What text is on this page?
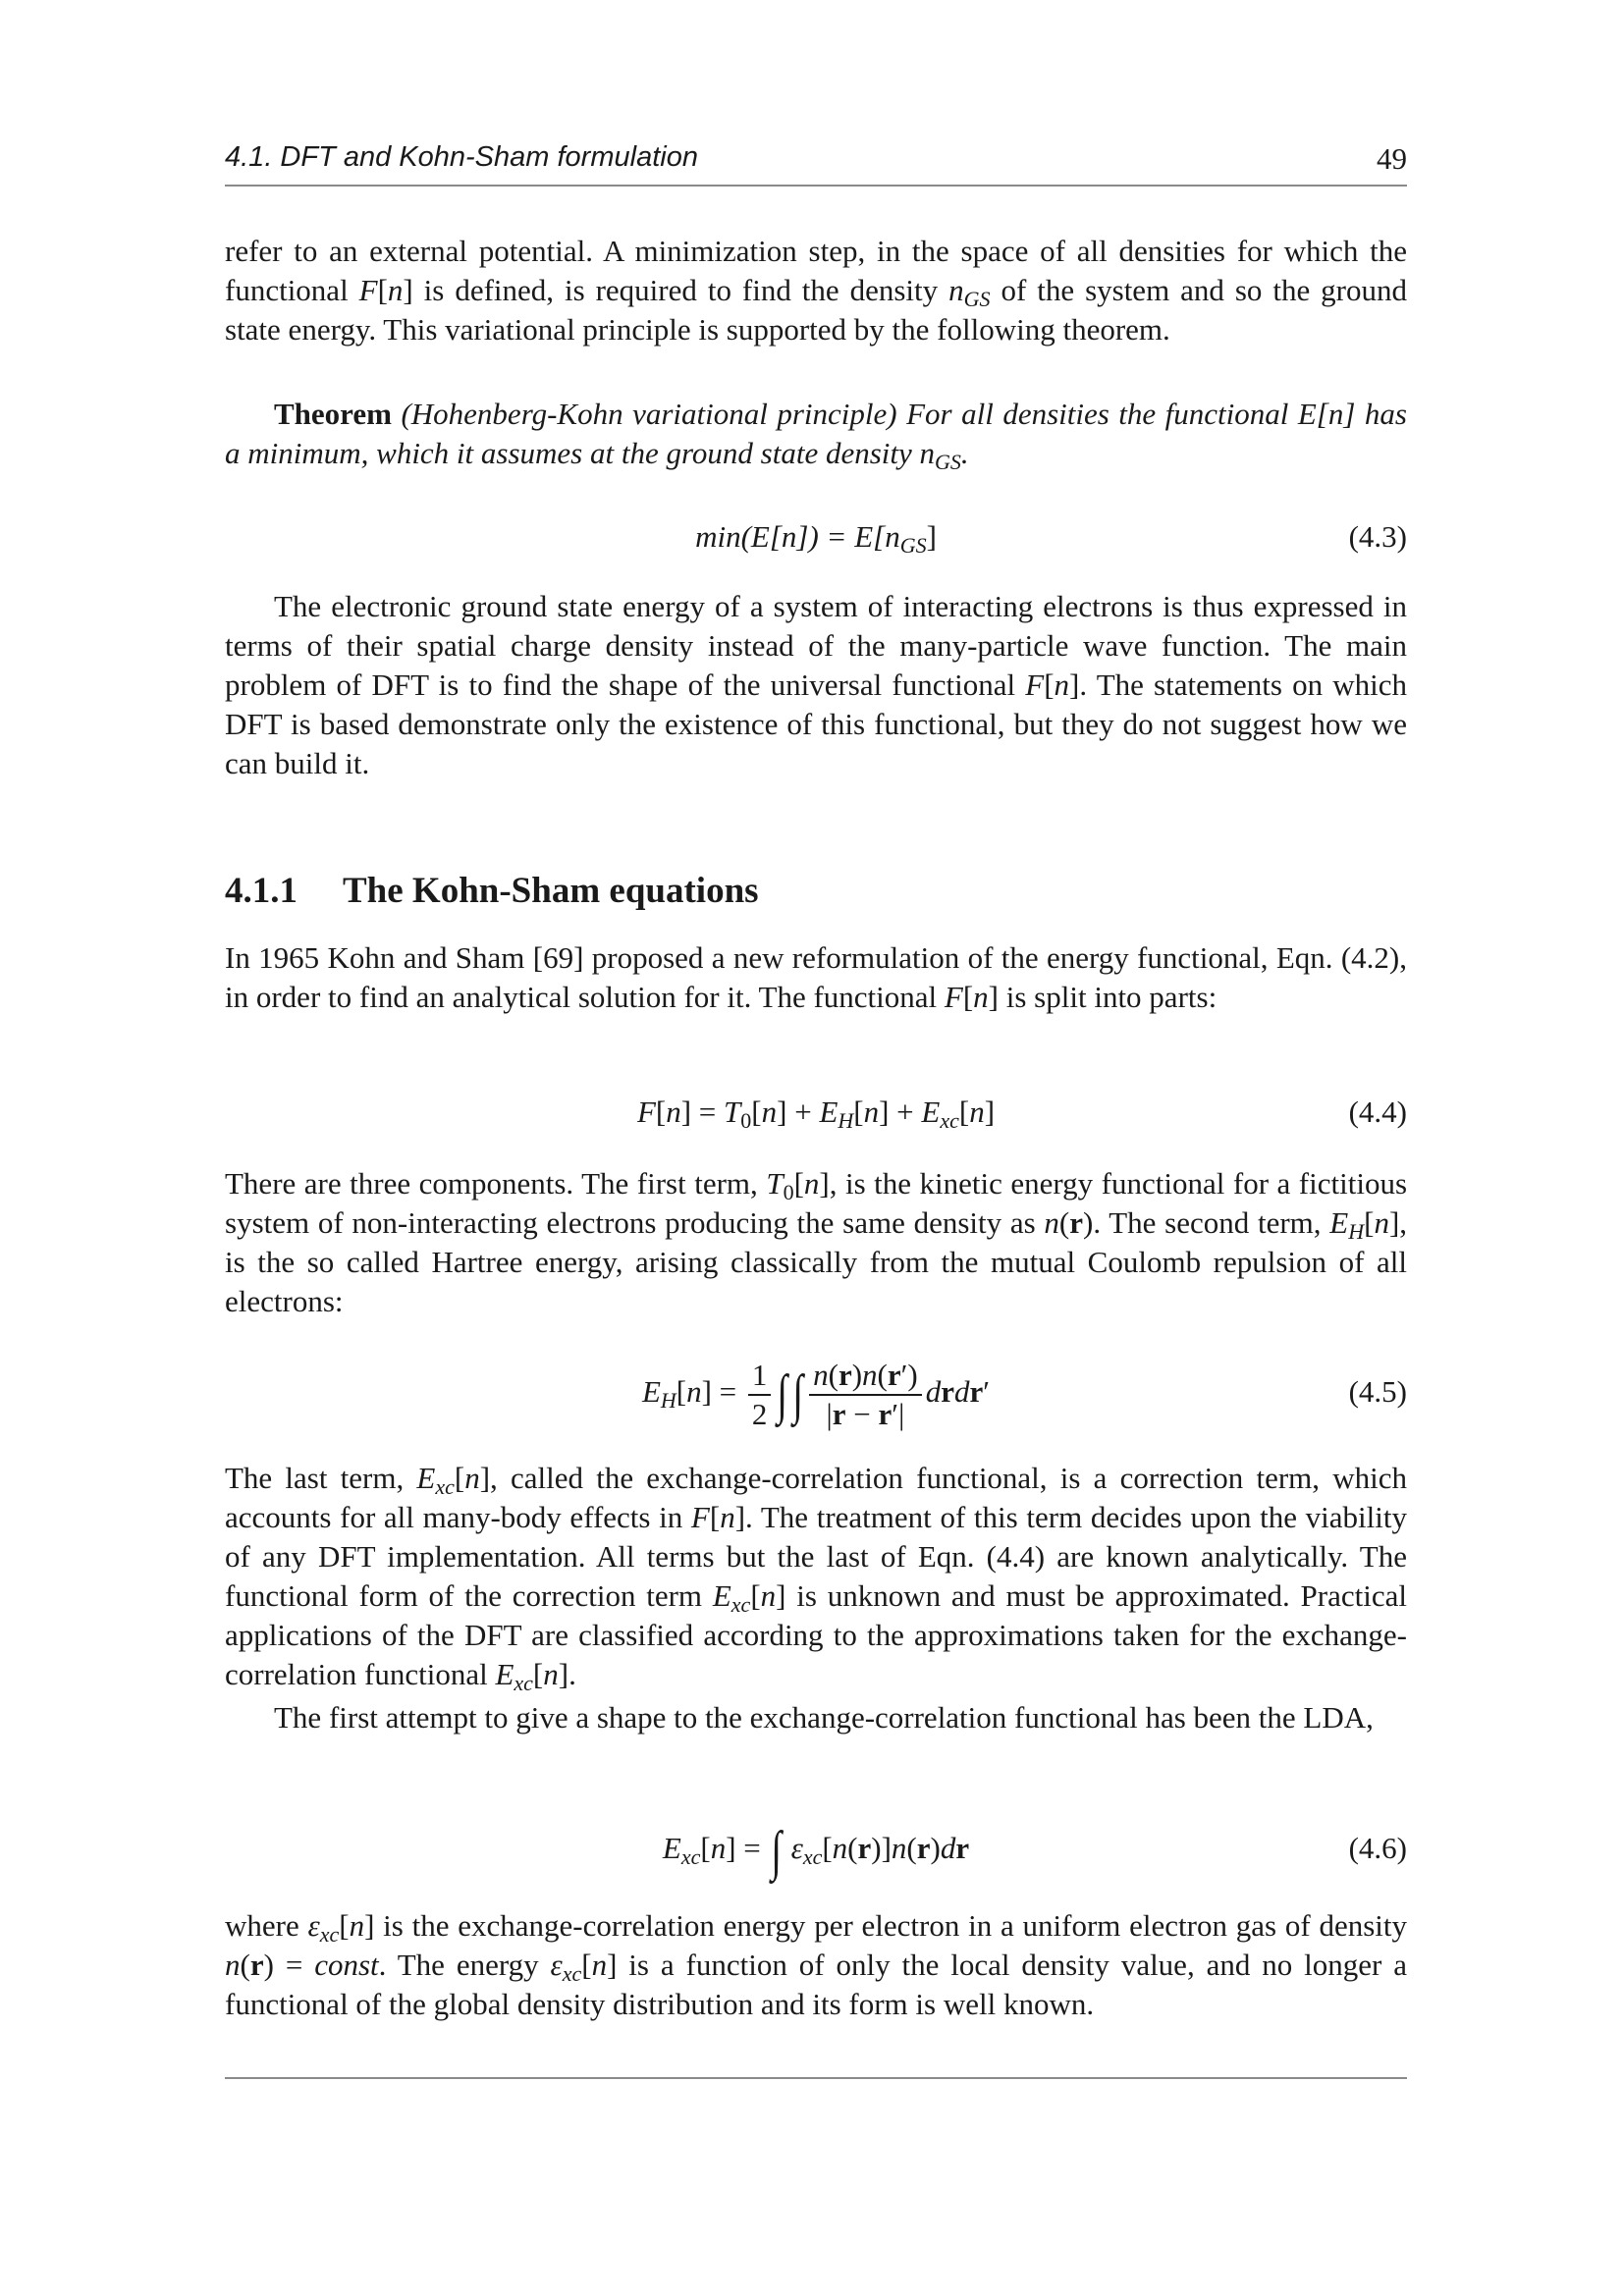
4.1. DFT and Kohn-Sham formulation	49

refer to an external potential. A minimization step, in the space of all densities for which the functional F[n] is defined, is required to find the density $n_{GS}$ of the system and so the ground state energy. This variational principle is supported by the following theorem.

Theorem (Hohenberg-Kohn variational principle) For all densities the functional E[n] has a minimum, which it assumes at the ground state density $n_{GS}$.

$\min(E[n]) = E[n_{GS}]$	(4.3)

The electronic ground state energy of a system of interacting electrons is thus expressed in terms of their spatial charge density instead of the many-particle wave function. The main problem of DFT is to find the shape of the universal functional F[n]. The statements on which DFT is based demonstrate only the existence of this functional, but they do not suggest how we can build it.

4.1.1 The Kohn-Sham equations

In 1965 Kohn and Sham [69] proposed a new reformulation of the energy functional, Eqn. (4.2), in order to find an analytical solution for it. The functional F[n] is split into parts:

$F[n] = T_0[n] + E_H[n] + E_{xc}[n]$	(4.4)

There are three components. The first term, $T_0[n]$, is the kinetic energy functional for a fictitious system of non-interacting electrons producing the same density as n(r). The second term, $E_H[n]$, is the so called Hartree energy, arising classically from the mutual Coulomb repulsion of all electrons:

$E_H[n] = \frac{1}{2}$ ∫∫ $\frac{n(r)n(r')}{|r - r'|}$ drdr′	(4.5)

The last term, $E_{xc}[n]$, called the exchange-correlation functional, is a correction term, which accounts for all many-body effects in F[n]. The treatment of this term decides upon the viability of any DFT implementation. All terms but the last of Eqn. (4.4) are known analytically. The functional form of the correction term $E_{xc}[n]$ is unknown and must be approximated. Practical applications of the DFT are classified according to the approximations taken for the exchange-correlation functional $E_{xc}[n]$.

The first attempt to give a shape to the exchange-correlation functional has been the LDA,

$E_{xc}[n]$ = ∫ $\varepsilon_{xc}[n(r)]n(r)dr$	(4.6)

where $\varepsilon_{xc}[n]$ is the exchange-correlation energy per electron in a uniform electron gas of density n(r) = const. The energy $\varepsilon_{xc}[n]$ is a function of only the local density value, and no longer a functional of the global density distribution and its form is well known.
